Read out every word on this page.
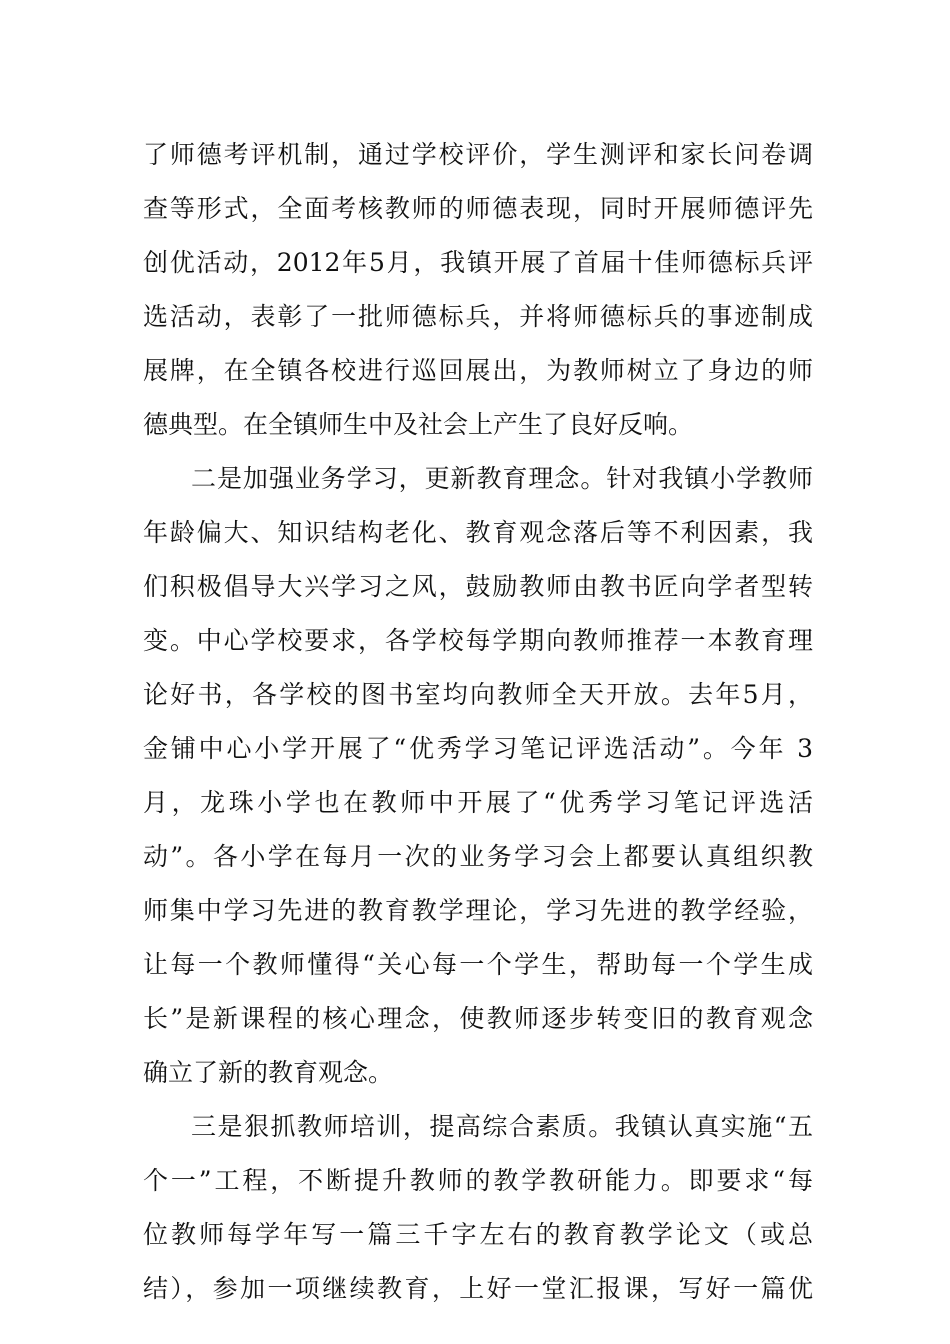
了师德考评机制，通过学校评价，学生测评和家长问卷调
查等形式，全面考核教师的师德表现，同时开展师德评先
创优活动，2012年5月，我镇开展了首届十佳师德标兵评
选活动，表彰了一批师德标兵，并将师德标兵的事迹制成
展牌，在全镇各校进行巡回展出，为教师树立了身边的师
德典型。在全镇师生中及社会上产生了良好反响。
二是加强业务学习，更新教育理念。针对我镇小学教师
年龄偏大、知识结构老化、教育观念落后等不利因素，我
们积极倡导大兴学习之风，鼓励教师由教书匠向学者型转
变。中心学校要求，各学校每学期向教师推荐一本教育理
论好书，各学校的图书室均向教师全天开放。去年5月，
金铺中心小学开展了“优秀学习笔记评选活动”。今年 3
月，龙珠小学也在教师中开展了“优秀学习笔记评选活
动”。各小学在每月一次的业务学习会上都要认真组织教
师集中学习先进的教育教学理论，学习先进的教学经验，
让每一个教师懂得“关心每一个学生，帮助每一个学生成
长”是新课程的核心理念，使教师逐步转变旧的教育观念
确立了新的教育观念。
三是狠抓教师培训，提高综合素质。我镇认真实施“五
个一”工程，不断提升教师的教学教研能力。即要求“每
位教师每学年写一篇三千字左右的教育教学论文（或总
结），参加一项继续教育，上好一堂汇报课，写好一篇优
